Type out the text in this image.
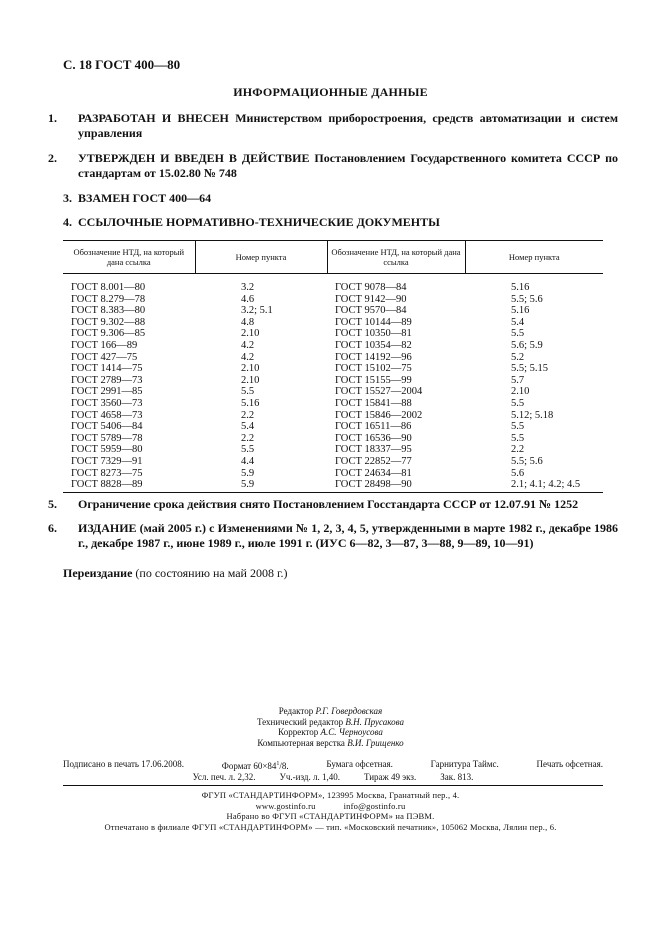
С. 18 ГОСТ 400—80
ИНФОРМАЦИОННЫЕ ДАННЫЕ
1. РАЗРАБОТАН И ВНЕСЕН Министерством приборостроения, средств автоматизации и систем управления
2. УТВЕРЖДЕН И ВВЕДЕН В ДЕЙСТВИЕ Постановлением Государственного комитета СССР по стандартам от 15.02.80 № 748
3. ВЗАМЕН ГОСТ 400—64
4. ССЫЛОЧНЫЕ НОРМАТИВНО-ТЕХНИЧЕСКИЕ ДОКУМЕНТЫ
Обозначение НТД, на который дана ссылка	Номер пункта	Обозначение НТД, на который дана ссылка	Номер пункта
ГОСТ 8.001—80	3.2	ГОСТ 9078—84	5.16
ГОСТ 8.279—78	4.6	ГОСТ 9142—90	5.5; 5.6
ГОСТ 8.383—80	3.2; 5.1	ГОСТ 9570—84	5.16
ГОСТ 9.302—88	4.8	ГОСТ 10144—89	5.4
ГОСТ 9.306—85	2.10	ГОСТ 10350—81	5.5
ГОСТ 166—89	4.2	ГОСТ 10354—82	5.6; 5.9
ГОСТ 427—75	4.2	ГОСТ 14192—96	5.2
ГОСТ 1414—75	2.10	ГОСТ 15102—75	5.5; 5.15
ГОСТ 2789—73	2.10	ГОСТ 15155—99	5.7
ГОСТ 2991—85	5.5	ГОСТ 15527—2004	2.10
ГОСТ 3560—73	5.16	ГОСТ 15841—88	5.5
ГОСТ 4658—73	2.2	ГОСТ 15846—2002	5.12; 5.18
ГОСТ 5406—84	5.4	ГОСТ 16511—86	5.5
ГОСТ 5789—78	2.2	ГОСТ 16536—90	5.5
ГОСТ 5959—80	5.5	ГОСТ 18337—95	2.2
ГОСТ 7329—91	4.4	ГОСТ 22852—77	5.5; 5.6
ГОСТ 8273—75	5.9	ГОСТ 24634—81	5.6
ГОСТ 8828—89	5.9	ГОСТ 28498—90	2.1; 4.1; 4.2; 4.5
5. Ограничение срока действия снято Постановлением Госстандарта СССР от 12.07.91 № 1252
6. ИЗДАНИЕ (май 2005 г.) с Изменениями № 1, 2, 3, 4, 5, утвержденными в марте 1982 г., декабре 1986 г., декабре 1987 г., июне 1989 г., июле 1991 г. (ИУС 6—82, 3—87, 3—88, 9—89, 10—91)
Переиздание (по состоянию на май 2008 г.)
Редактор Р.Г. Говердовская
Технический редактор В.Н. Прусакова
Корректор А.С. Черноусова
Компьютерная верстка В.И. Грищенко
Подписано в печать 17.06.2008.	Формат $60\times 84^1/8$.	Бумага офсетная.	Гарнитура Таймс.	Печать офсетная.
Усл. печ. л. 2,32.	Уч.-изд. л. 1,40.	Тираж 49 экз.	Зак. 813.
ФГУП «СТАНДАРТИНФОРМ», 123995 Москва, Гранатный пер., 4.
www.gostinfo.ru	info@gostinfo.ru
Набрано во ФГУП «СТАНДАРТИНФОРМ» на ПЭВМ.
Отпечатано в филиале ФГУП «СТАНДАРТИНФОРМ» — тип. «Московский печатник», 105062 Москва, Лялин пер., 6.
